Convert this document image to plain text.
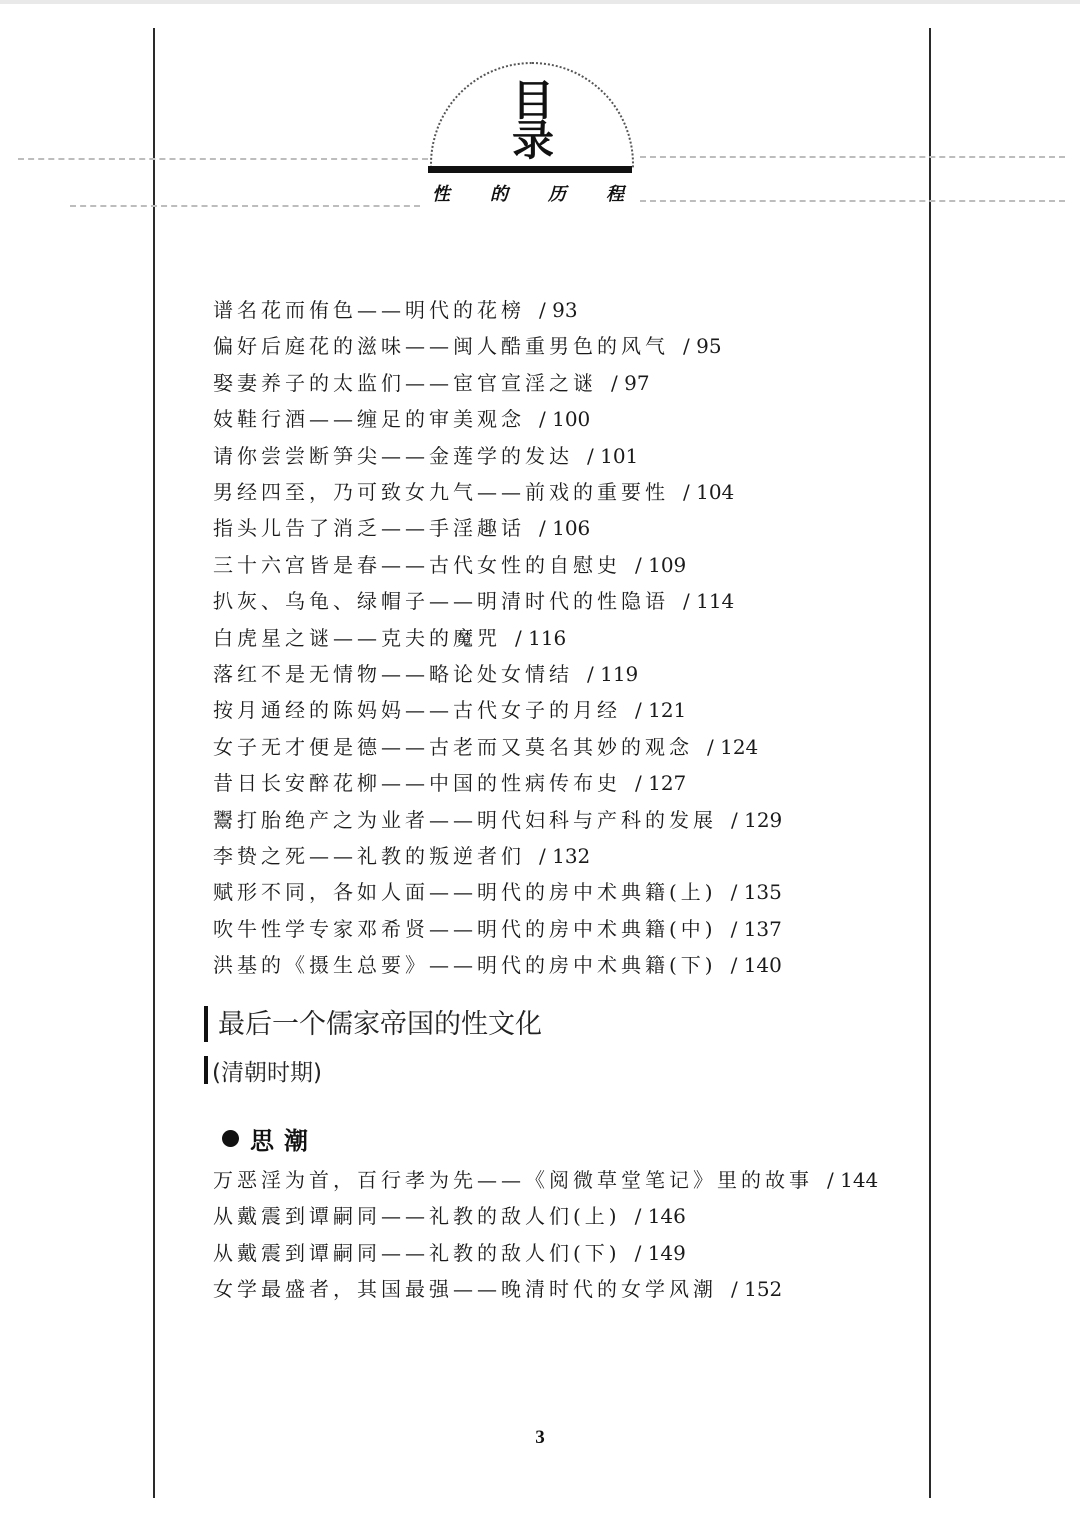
目
录
性 的 历 程
谱名花而侑色——明代的花榜 / 93
偏好后庭花的滋味——闽人酷重男色的风气 / 95
娶妻养子的太监们——宦官宣淫之谜 / 97
妓鞋行酒——缠足的审美观念 / 100
请你尝尝断笋尖——金莲学的发达 / 101
男经四至，乃可致女九气——前戏的重要性 / 104
指头儿告了消乏——手淫趣话 / 106
三十六宫皆是春——古代女性的自慰史 / 109
扒灰、乌龟、绿帽子——明清时代的性隐语 / 114
白虎星之谜——克夫的魔咒 / 116
落红不是无情物——略论处女情结 / 119
按月通经的陈妈妈——古代女子的月经 / 121
女子无才便是德——古老而又莫名其妙的观念 / 124
昔日长安醉花柳——中国的性病传布史 / 127
鬻打胎绝产之为业者——明代妇科与产科的发展 / 129
李贽之死——礼教的叛逆者们 / 132
赋形不同，各如人面——明代的房中术典籍(上) / 135
吹牛性学专家邓希贤——明代的房中术典籍(中) / 137
洪基的《摄生总要》——明代的房中术典籍(下) / 140
最后一个儒家帝国的性文化
(清朝时期)
思潮
万恶淫为首，百行孝为先——《阅微草堂笔记》里的故事 / 144
从戴震到谭嗣同——礼教的敌人们(上) / 146
从戴震到谭嗣同——礼教的敌人们(下) / 149
女学最盛者，其国最强——晚清时代的女学风潮 / 152
3
